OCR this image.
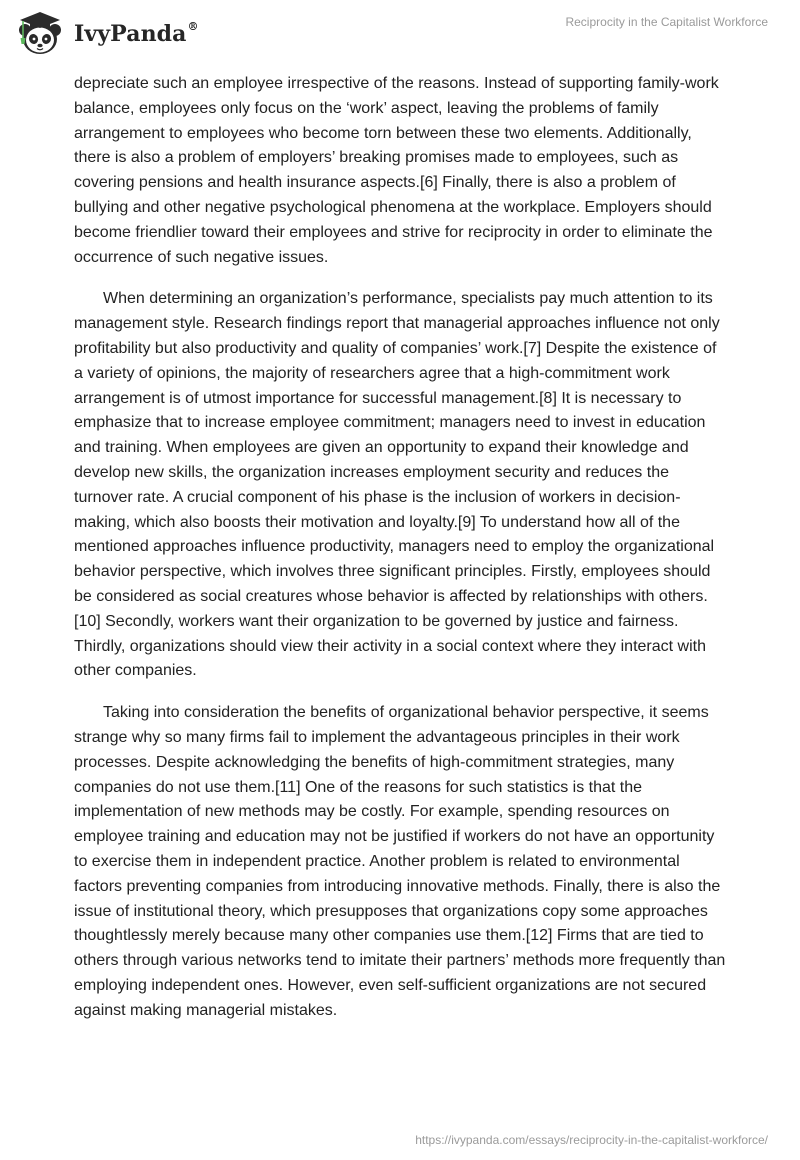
IvyPanda®	Reciprocity in the Capitalist Workforce

depreciate such an employee irrespective of the reasons. Instead of supporting family-work balance, employees only focus on the ‘work’ aspect, leaving the problems of family arrangement to employees who become torn between these two elements. Additionally, there is also a problem of employers’ breaking promises made to employees, such as covering pensions and health insurance aspects.[6] Finally, there is also a problem of bullying and other negative psychological phenomena at the workplace. Employers should become friendlier toward their employees and strive for reciprocity in order to eliminate the occurrence of such negative issues.

When determining an organization’s performance, specialists pay much attention to its management style. Research findings report that managerial approaches influence not only profitability but also productivity and quality of companies’ work.[7] Despite the existence of a variety of opinions, the majority of researchers agree that a high-commitment work arrangement is of utmost importance for successful management.[8] It is necessary to emphasize that to increase employee commitment; managers need to invest in education and training. When employees are given an opportunity to expand their knowledge and develop new skills, the organization increases employment security and reduces the turnover rate. A crucial component of his phase is the inclusion of workers in decision-making, which also boosts their motivation and loyalty.[9] To understand how all of the mentioned approaches influence productivity, managers need to employ the organizational behavior perspective, which involves three significant principles. Firstly, employees should be considered as social creatures whose behavior is affected by relationships with others.[10] Secondly, workers want their organization to be governed by justice and fairness. Thirdly, organizations should view their activity in a social context where they interact with other companies.

Taking into consideration the benefits of organizational behavior perspective, it seems strange why so many firms fail to implement the advantageous principles in their work processes. Despite acknowledging the benefits of high-commitment strategies, many companies do not use them.[11] One of the reasons for such statistics is that the implementation of new methods may be costly. For example, spending resources on employee training and education may not be justified if workers do not have an opportunity to exercise them in independent practice. Another problem is related to environmental factors preventing companies from introducing innovative methods. Finally, there is also the issue of institutional theory, which presupposes that organizations copy some approaches thoughtlessly merely because many other companies use them.[12] Firms that are tied to others through various networks tend to imitate their partners’ methods more frequently than employing independent ones. However, even self-sufficient organizations are not secured against making managerial mistakes.

https://ivypanda.com/essays/reciprocity-in-the-capitalist-workforce/
